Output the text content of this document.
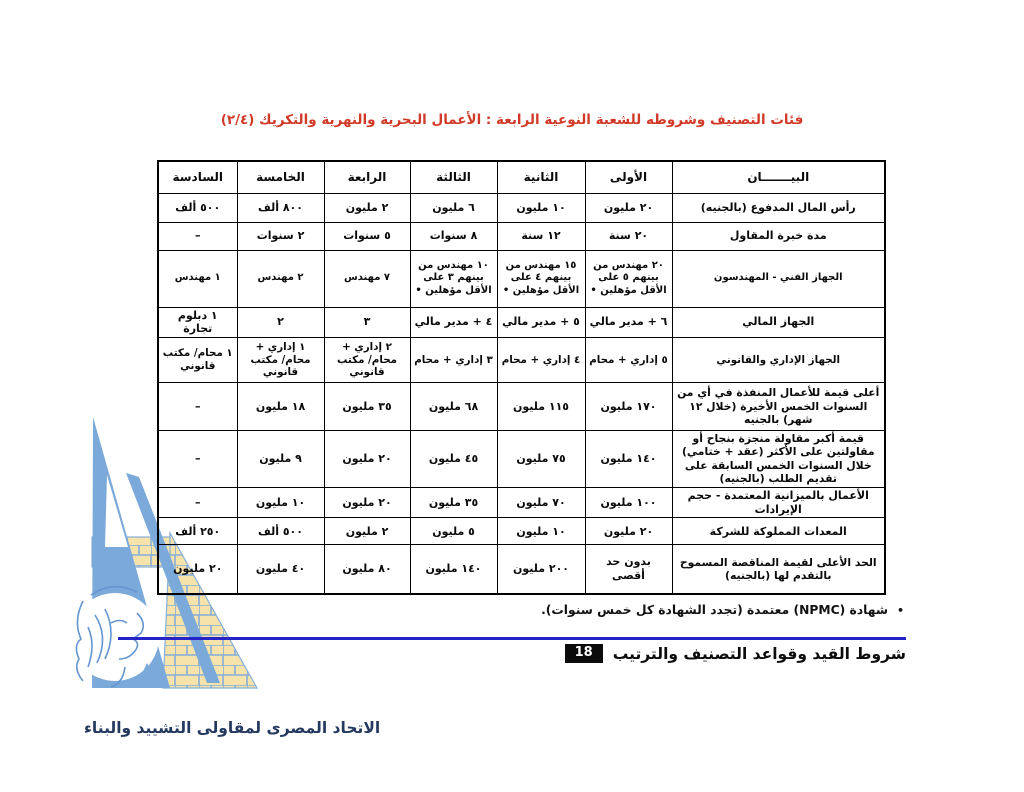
فئات التصنيف وشروطه للشعبة النوعية الرابعة : الأعمال البحرية والنهرية والتكريك (٢/٤)
البيـــــــان	الأولى	الثانية	الثالثة	الرابعة	الخامسة	السادسة
رأس المال المدفوع (بالجنيه)	٢٠ مليون	١٠ مليون	٦ مليون	٢ مليون	٨٠٠ ألف	٥٠٠ ألف
مدة خبرة المقاول	٢٠ سنة	١٢ سنة	٨ سنوات	٥ سنوات	٢ سنوات	–
الجهاز الفني - المهندسون	٢٠ مهندس من بينهم ٥ على الأقل مؤهلين •	١٥ مهندس من بينهم ٤ على الأقل مؤهلين •	١٠ مهندس من بينهم ٣ على الأقل مؤهلين •	٧ مهندس	٢ مهندس	١ مهندس
الجهاز المالي	٦ + مدير مالي	٥ + مدير مالي	٤ + مدير مالي	٣	٢	١ دبلوم تجارة
الجهاز الإداري والقانوني	٥ إداري + محام	٤ إداري + محام	٣ إداري + محام	٢ إداري + محام/ مكتب قانوني	١ إداري + محام/ مكتب قانوني	١ محام/ مكتب قانوني
أعلى قيمة للأعمال المنفذة في أي من السنوات الخمس الأخيرة (خلال ١٢ شهر) بالجنيه	١٧٠ مليون	١١٥ مليون	٦٨ مليون	٣٥ مليون	١٨ مليون	–
قيمة أكبر مقاولة منجزة بنجاح أو مقاولتين على الأكثر (عقد + ختامي) خلال السنوات الخمس السابقة على تقديم الطلب (بالجنيه)	١٤٠ مليون	٧٥ مليون	٤٥ مليون	٢٠ مليون	٩ مليون	–
الأعمال بالميزانية المعتمدة - حجم الإيرادات	١٠٠ مليون	٧٠ مليون	٣٥ مليون	٢٠ مليون	١٠ مليون	–
المعدات المملوكة للشركة	٢٠ مليون	١٠ مليون	٥ مليون	٢ مليون	٥٠٠ ألف	٢٥٠ ألف
الحد الأعلى لقيمة المناقصة المسموح بالتقدم لها (بالجنيه)	بدون حد أقصى	٢٠٠ مليون	١٤٠ مليون	٨٠ مليون	٤٠ مليون	٢٠ مليون
•
شهادة (NPMC) معتمدة (تجدد الشهادة كل خمس سنوات).
شروط القيد وقواعد التصنيف والترتيب
18
الاتحاد المصرى لمقاولى التشييد والبناء
